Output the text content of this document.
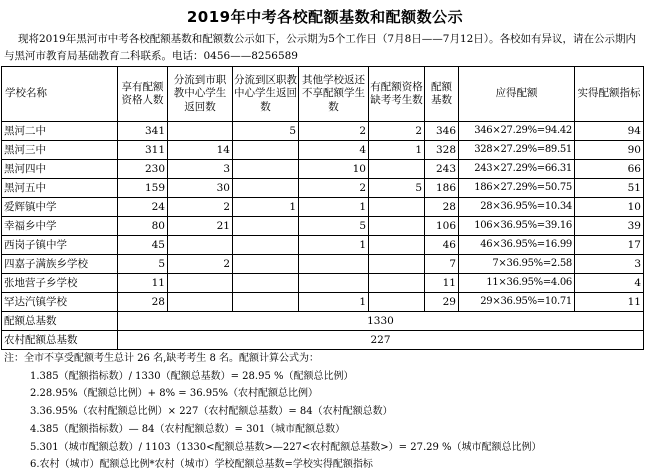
2019年中考各校配额基数和配额数公示
现将2019年黑河市中考各校配额基数和配额数公示如下，公示期为5个工作日（7月8日——7月12日）。各校如有异议，请在公示期内与黑河市教育局基础教育二科联系。电话：0456——8256589
学校名称	享有配额资格人数	分流到市职教中心学生返回数	分流到区职教中心学生返回数	其他学校返还不享配额学生数	有配额资格缺考考生数	配额基数	应得配额	实得配额指标
黑河二中	341		5	2	2	346	346×27.29%=94.42	94
黑河三中	311	14		4	1	328	328×27.29%=89.51	90
黑河四中	230	3		10		243	243×27.29%=66.31	66
黑河五中	159	30		2	5	186	186×27.29%=50.75	51
爱辉镇中学	24	2	1	1		28	28×36.95%=10.34	10
幸福乡中学	80	21		5		106	106×36.95%=39.16	39
西岗子镇中学	45			1		46	46×36.95%=16.99	17
四嘉子满族乡学校	5	2				7	7×36.95%=2.58	3
张地营子乡学校	11					11	11×36.95%=4.06	4
罕达汽镇学校	28			1		29	29×36.95%=10.71	11
配额总基数	1330							
农村配额总基数	227							
注：全市不享受配额考生总计 26 名,缺考考生 8 名。配额计算公式为：
1.385（配额指标数）/ 1330（配额总基数）= 28.95 %（配额总比例）
2.28.95%（配额总比例）+ 8% = 36.95%（农村配额总比例）
3.36.95%（农村配额总比例）× 227（农村配额总基数）= 84（农村配额总数）
4.385（配额指标数）— 84（农村配额总数）= 301（城市配额总数）
5.301（城市配额总数）/ 1103（1330<配额总基数>—227<农村配额总基数>）= 27.29 %（城市配额总比例）
6.农村（城市）配额总比例*农村（城市）学校配额总基数=学校实得配额指标
